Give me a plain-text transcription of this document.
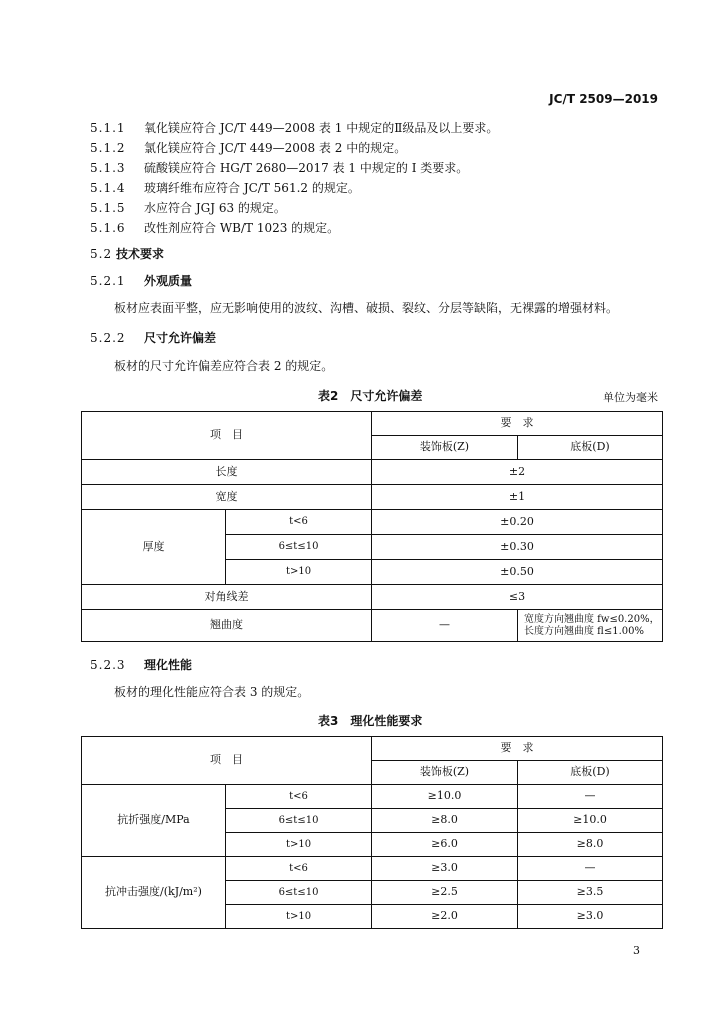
JC/T 2509—2019
5.1.1 氧化镁应符合 JC/T 449—2008 表 1 中规定的Ⅱ级品及以上要求。
5.1.2 氯化镁应符合 JC/T 449—2008 表 2 中的规定。
5.1.3 硫酸镁应符合 HG/T 2680—2017 表 1 中规定的 Ⅰ 类要求。
5.1.4 玻璃纤维布应符合 JC/T 561.2 的规定。
5.1.5 水应符合 JGJ 63 的规定。
5.1.6 改性剂应符合 WB/T 1023 的规定。
5.2 技术要求
5.2.1 外观质量
板材应表面平整，应无影响使用的波纹、沟槽、破损、裂纹、分层等缺陷，无裸露的增强材料。
5.2.2 尺寸允许偏差
板材的尺寸允许偏差应符合表 2 的规定。
表2　尺寸允许偏差	单位为毫米
项　目		要　求	
		装饰板(Z)	底板(D)
长度		±2	
宽度		±1	
厚度	t<6	±0.20	
	6≤t≤10	±0.30	
	t>10	±0.50	
对角线差		≤3	
翘曲度		—	宽度方向翘曲度 fw≤0.20%，
长度方向翘曲度 fl≤1.00%
5.2.3 理化性能
板材的理化性能应符合表 3 的规定。
表3　理化性能要求
项　目		要　求	
		装饰板(Z)	底板(D)
抗折强度/MPa	t<6	≥10.0	—
	6≤t≤10	≥8.0	≥10.0
	t>10	≥6.0	≥8.0
抗冲击强度/(kJ/m²)	t<6	≥3.0	—
	6≤t≤10	≥2.5	≥3.5
	t>10	≥2.0	≥3.0
3
